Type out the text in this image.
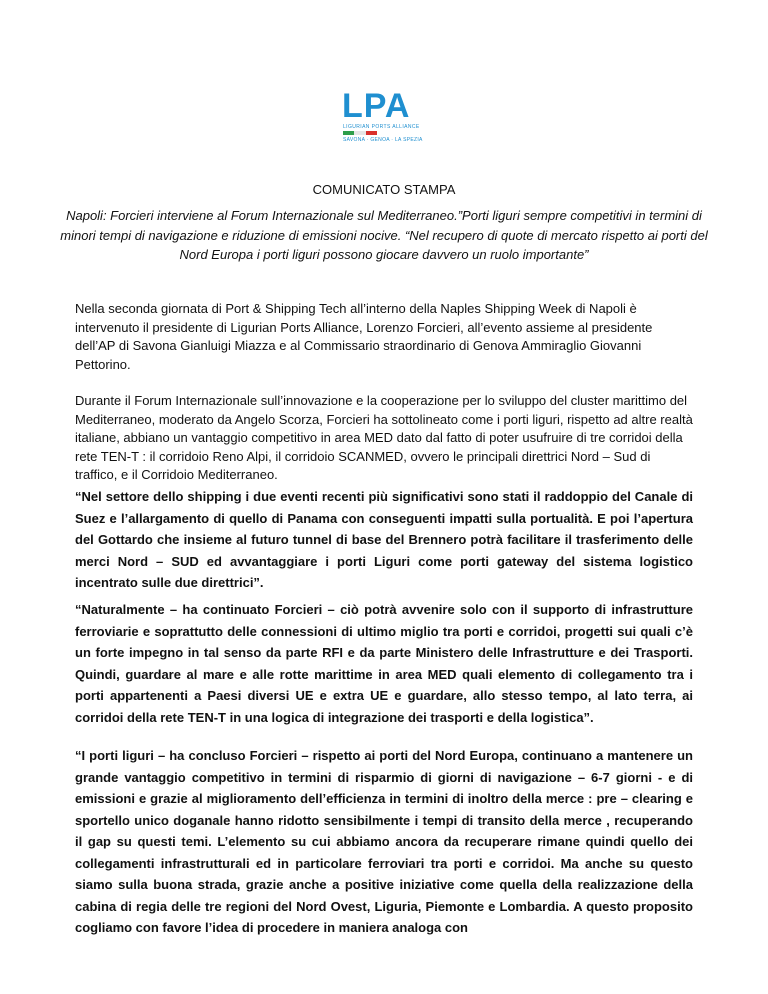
LPA
LIGURIAN PORTS ALLIANCE
SAVONA · GENOA · LA SPEZIA
COMUNICATO STAMPA
Napoli: Forcieri interviene al Forum Internazionale sul Mediterraneo.”Porti liguri sempre competitivi in termini di minori tempi di navigazione e riduzione di emissioni nocive. “Nel recupero di quote di mercato rispetto ai porti del Nord Europa i porti liguri possono giocare davvero un ruolo importante”
Nella seconda giornata di Port & Shipping Tech all’interno della Naples Shipping Week di Napoli è intervenuto il presidente di Ligurian Ports Alliance, Lorenzo Forcieri, all’evento assieme al presidente dell’AP di Savona Gianluigi Miazza e al Commissario straordinario di Genova Ammiraglio Giovanni Pettorino.
Durante il Forum Internazionale sull’innovazione e la cooperazione per lo sviluppo del cluster marittimo del Mediterraneo, moderato da Angelo Scorza, Forcieri ha sottolineato come i porti liguri, rispetto ad altre realtà italiane, abbiano un vantaggio competitivo in area MED dato dal fatto di poter usufruire di tre corridoi della rete TEN-T : il corridoio Reno Alpi, il corridoio SCANMED, ovvero le principali direttrici Nord – Sud di traffico, e il Corridoio Mediterraneo.
“Nel settore dello shipping i due eventi recenti più significativi sono stati il raddoppio del Canale di Suez e l’allargamento di quello di Panama con conseguenti impatti sulla portualità. E poi l’apertura del Gottardo che insieme al futuro tunnel di base del Brennero potrà facilitare il trasferimento delle merci Nord – SUD ed avvantaggiare i porti Liguri come porti gateway del sistema logistico incentrato sulle due direttrici”.
“Naturalmente – ha continuato Forcieri – ciò potrà avvenire solo con il supporto di infrastrutture ferroviarie e soprattutto delle connessioni di ultimo miglio tra porti e corridoi, progetti sui quali c’è un forte impegno in tal senso da parte RFI e da parte Ministero delle Infrastrutture e dei Trasporti. Quindi, guardare al mare e alle rotte marittime in area MED quali elemento di collegamento tra i porti appartenenti a Paesi diversi UE e extra UE e guardare, allo stesso tempo, al lato terra, ai corridoi della rete TEN-T in una logica di integrazione dei trasporti e della logistica”.
“I porti liguri – ha concluso Forcieri – rispetto ai porti del Nord Europa, continuano a mantenere un grande vantaggio competitivo in termini di risparmio di giorni di navigazione – 6-7 giorni - e di emissioni e grazie al miglioramento dell’efficienza in termini di inoltro della merce : pre – clearing e sportello unico doganale hanno ridotto sensibilmente i tempi di transito della merce , recuperando il gap su questi temi. L’elemento su cui abbiamo ancora da recuperare rimane quindi quello dei collegamenti infrastrutturali ed in particolare ferroviari tra porti e corridoi. Ma anche su questo siamo sulla buona strada, grazie anche a positive iniziative come quella della realizzazione della cabina di regia delle tre regioni del Nord Ovest, Liguria, Piemonte e Lombardia. A questo proposito cogliamo con favore l’idea di procedere in maniera analoga con
